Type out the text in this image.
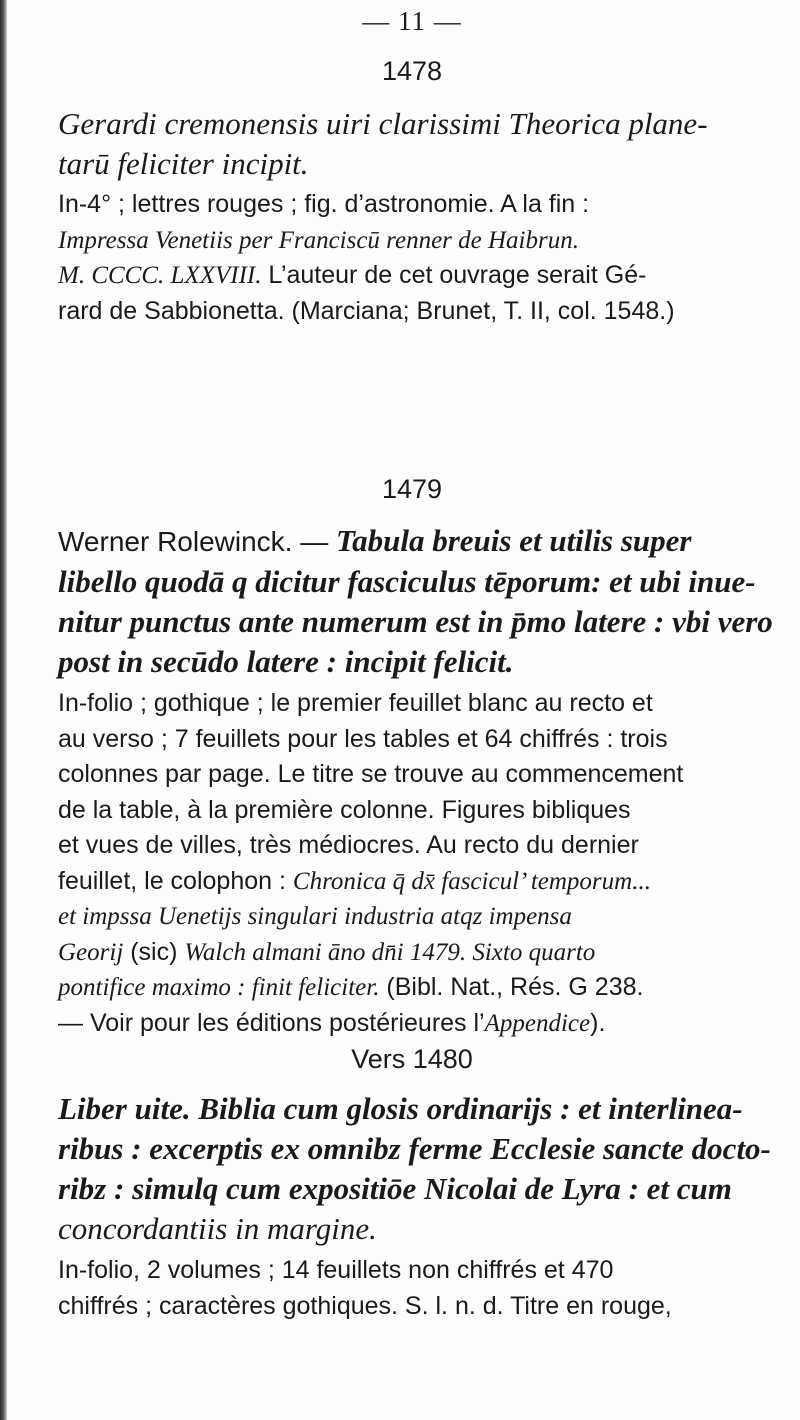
— 11 —
1478
Gerardi cremonensis uiri clarissimi Theorica plane-
tarū feliciter incipit.
In-4° ; lettres rouges ; fig. d’astronomie. A la fin :
Impressa Venetiis per Franciscū renner de Haibrun.
M. CCCC. LXXVIII. L’auteur de cet ouvrage serait Gé-
rard de Sabbionetta. (Marciana; Brunet, T. II, col. 1548.)
1479
Werner Rolewinck. — Tabula breuis et utilis super
libello quodā q dicitur fasciculus tēporum: et ubi inue-
nitur punctus ante numerum est in p̄mo latere : vbi vero
post in secūdo latere : incipit felicit.
In-folio ; gothique ; le premier feuillet blanc au recto et
au verso ; 7 feuillets pour les tables et 64 chiffrés : trois
colonnes par page. Le titre se trouve au commencement
de la table, à la première colonne. Figures bibliques
et vues de villes, très médiocres. Au recto du dernier
feuillet, le colophon : Chronica q̄ dx̄ fascicul’ temporum...
et impssa Uenetijs singulari industria atqz impensa
Georij (sic) Walch almani āno dn̄i 1479. Sixto quarto
pontifice maximo : finit feliciter. (Bibl. Nat., Rés. G 238.
— Voir pour les éditions postérieures l’Appendice).
Vers 1480
Liber uite. Biblia cum glosis ordinarijs : et interlinea-
ribus : excerptis ex omnibz ferme Ecclesie sancte docto-
ribz : simulq cum expositiōe Nicolai de Lyra : et cum
concordantiis in margine.
In-folio, 2 volumes ; 14 feuillets non chiffrés et 470
chiffrés ; caractères gothiques. S. l. n. d. Titre en rouge,
